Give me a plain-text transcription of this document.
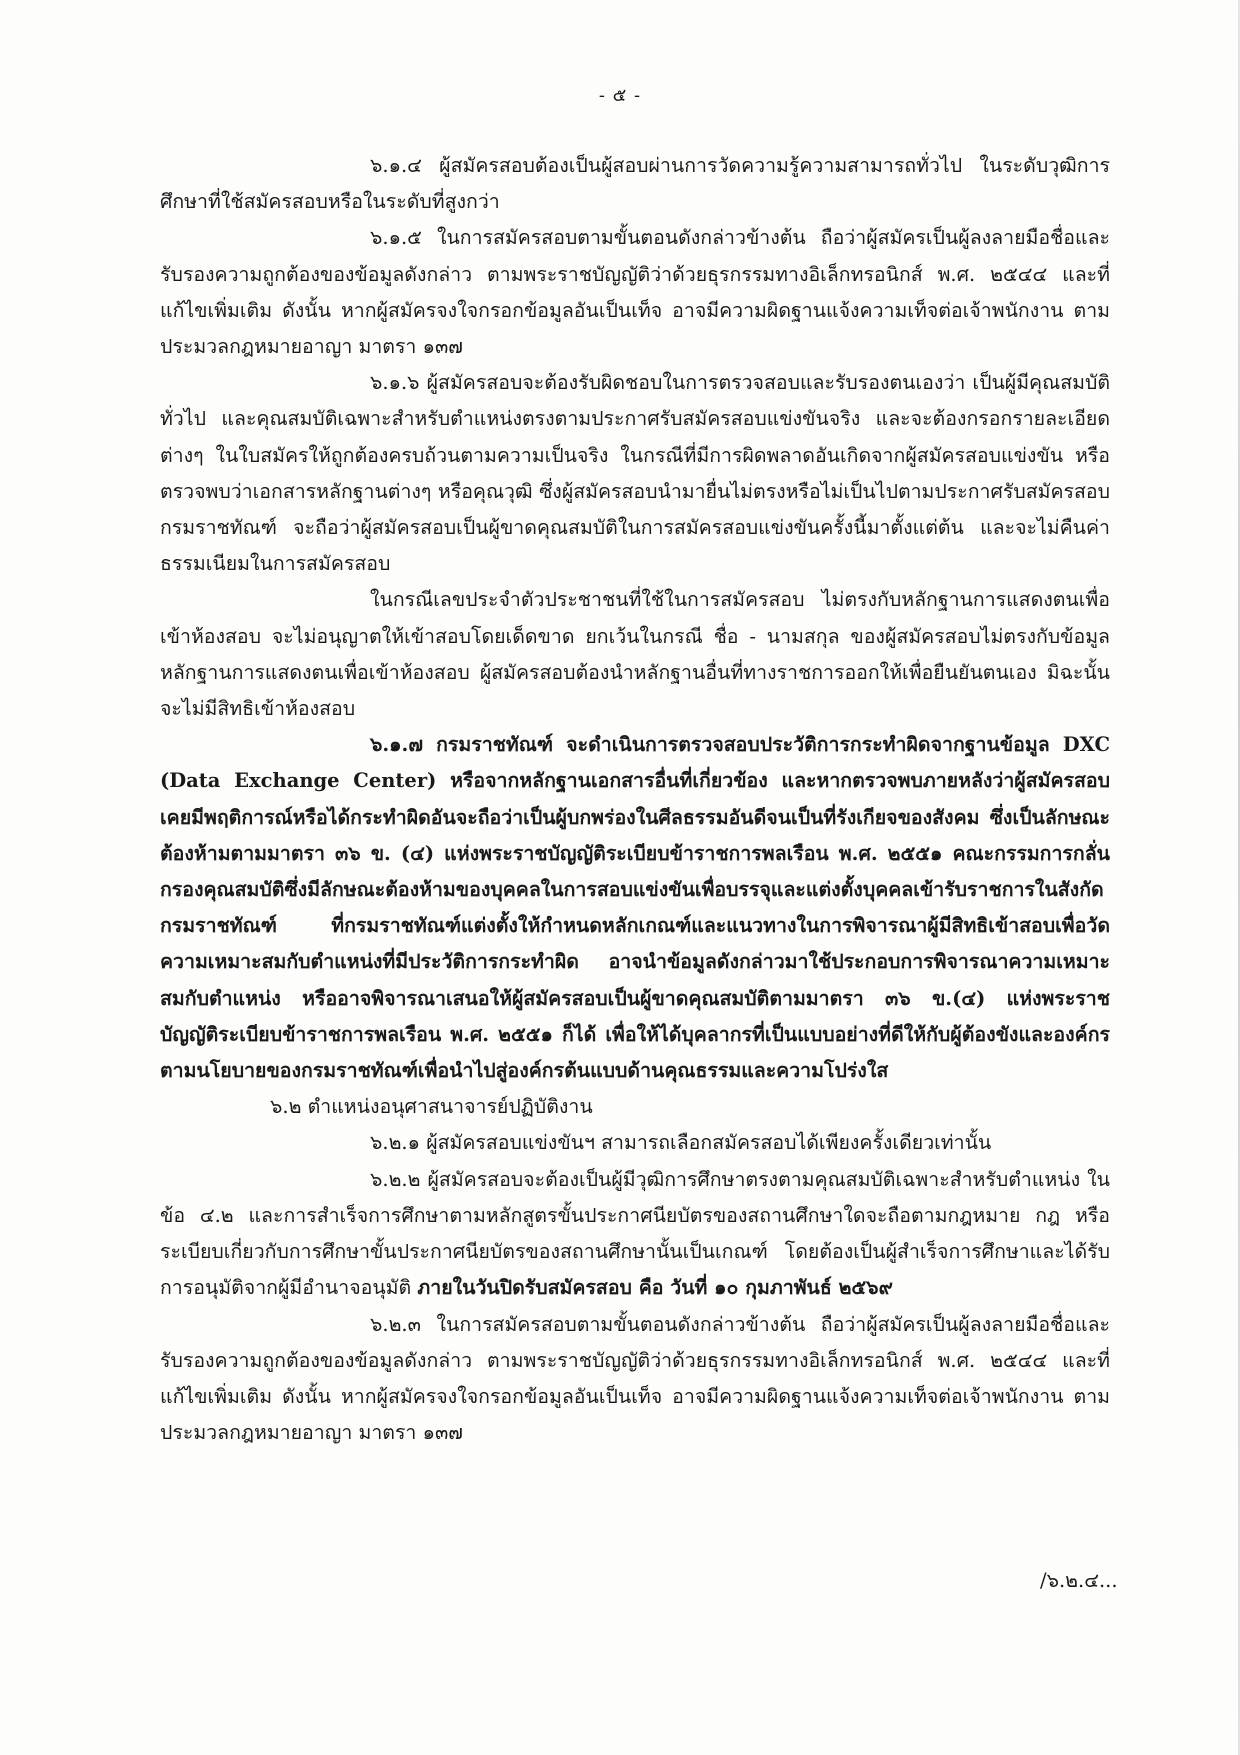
- ๕ -

๖.๑.๔ ผู้สมัครสอบต้องเป็นผู้สอบผ่านการวัดความรู้ความสามารถทั่วไป ในระดับวุฒิการศึกษาที่ใช้สมัครสอบหรือในระดับที่สูงกว่า

๖.๑.๕ ในการสมัครสอบตามขั้นตอนดังกล่าวข้างต้น ถือว่าผู้สมัครเป็นผู้ลงลายมือชื่อและรับรองความถูกต้องของข้อมูลดังกล่าว ตามพระราชบัญญัติว่าด้วยธุรกรรมทางอิเล็กทรอนิกส์ พ.ศ. ๒๕๔๔ และที่แก้ไขเพิ่มเติม ดังนั้น หากผู้สมัครจงใจกรอกข้อมูลอันเป็นเท็จ อาจมีความผิดฐานแจ้งความเท็จต่อเจ้าพนักงาน ตามประมวลกฎหมายอาญา มาตรา ๑๓๗

๖.๑.๖ ผู้สมัครสอบจะต้องรับผิดชอบในการตรวจสอบและรับรองตนเองว่า เป็นผู้มีคุณสมบัติทั่วไป และคุณสมบัติเฉพาะสำหรับตำแหน่งตรงตามประกาศรับสมัครสอบแข่งขันจริง และจะต้องกรอกรายละเอียดต่างๆ ในใบสมัครให้ถูกต้องครบถ้วนตามความเป็นจริง ในกรณีที่มีการผิดพลาดอันเกิดจากผู้สมัครสอบแข่งขัน หรือตรวจพบว่าเอกสารหลักฐานต่างๆ หรือคุณวุฒิ ซึ่งผู้สมัครสอบนำมายื่นไม่ตรงหรือไม่เป็นไปตามประกาศรับสมัครสอบ กรมราชทัณฑ์ จะถือว่าผู้สมัครสอบเป็นผู้ขาดคุณสมบัติในการสมัครสอบแข่งขันครั้งนี้มาตั้งแต่ต้น และจะไม่คืนค่าธรรมเนียมในการสมัครสอบ

ในกรณีเลขประจำตัวประชาชนที่ใช้ในการสมัครสอบ ไม่ตรงกับหลักฐานการแสดงตนเพื่อเข้าห้องสอบ จะไม่อนุญาตให้เข้าสอบโดยเด็ดขาด ยกเว้นในกรณี ชื่อ - นามสกุล ของผู้สมัครสอบไม่ตรงกับข้อมูลหลักฐานการแสดงตนเพื่อเข้าห้องสอบ ผู้สมัครสอบต้องนำหลักฐานอื่นที่ทางราชการออกให้เพื่อยืนยันตนเอง มิฉะนั้นจะไม่มีสิทธิเข้าห้องสอบ

๖.๑.๗ กรมราชทัณฑ์ จะดำเนินการตรวจสอบประวัติการกระทำผิดจากฐานข้อมูล DXC (Data Exchange Center) หรือจากหลักฐานเอกสารอื่นที่เกี่ยวข้อง และหากตรวจพบภายหลังว่าผู้สมัครสอบเคยมีพฤติการณ์หรือได้กระทำผิดอันจะถือว่าเป็นผู้บกพร่องในศีลธรรมอันดีจนเป็นที่รังเกียจของสังคม ซึ่งเป็นลักษณะต้องห้ามตามมาตรา ๓๖ ข. (๔) แห่งพระราชบัญญัติระเบียบข้าราชการพลเรือน พ.ศ. ๒๕๕๑ คณะกรรมการกลั่นกรองคุณสมบัติซึ่งมีลักษณะต้องห้ามของบุคคลในการสอบแข่งขันเพื่อบรรจุและแต่งตั้งบุคคลเข้ารับราชการในสังกัดกรมราชทัณฑ์ ที่กรมราชทัณฑ์แต่งตั้งให้กำหนดหลักเกณฑ์และแนวทางในการพิจารณาผู้มีสิทธิเข้าสอบเพื่อวัดความเหมาะสมกับตำแหน่งที่มีประวัติการกระทำผิด อาจนำข้อมูลดังกล่าวมาใช้ประกอบการพิจารณาความเหมาะสมกับตำแหน่ง หรืออาจพิจารณาเสนอให้ผู้สมัครสอบเป็นผู้ขาดคุณสมบัติตามมาตรา ๓๖ ข.(๔) แห่งพระราชบัญญัติระเบียบข้าราชการพลเรือน พ.ศ. ๒๕๕๑ ก็ได้ เพื่อให้ได้บุคลากรที่เป็นแบบอย่างที่ดีให้กับผู้ต้องขังและองค์กรตามนโยบายของกรมราชทัณฑ์เพื่อนำไปสู่องค์กรต้นแบบด้านคุณธรรมและความโปร่งใส

๖.๒ ตำแหน่งอนุศาสนาจารย์ปฏิบัติงาน

๖.๒.๑ ผู้สมัครสอบแข่งขันฯ สามารถเลือกสมัครสอบได้เพียงครั้งเดียวเท่านั้น

๖.๒.๒ ผู้สมัครสอบจะต้องเป็นผู้มีวุฒิการศึกษาตรงตามคุณสมบัติเฉพาะสำหรับตำแหน่ง ในข้อ ๔.๒ และการสำเร็จการศึกษาตามหลักสูตรขั้นประกาศนียบัตรของสถานศึกษาใดจะถือตามกฎหมาย กฎ หรือระเบียบเกี่ยวกับการศึกษาขั้นประกาศนียบัตรของสถานศึกษานั้นเป็นเกณฑ์ โดยต้องเป็นผู้สำเร็จการศึกษาและได้รับการอนุมัติจากผู้มีอำนาจอนุมัติ ภายในวันปิดรับสมัครสอบ คือ วันที่ ๑๐ กุมภาพันธ์ ๒๕๖๙

๖.๒.๓ ในการสมัครสอบตามขั้นตอนดังกล่าวข้างต้น ถือว่าผู้สมัครเป็นผู้ลงลายมือชื่อและรับรองความถูกต้องของข้อมูลดังกล่าว ตามพระราชบัญญัติว่าด้วยธุรกรรมทางอิเล็กทรอนิกส์ พ.ศ. ๒๕๔๔ และที่แก้ไขเพิ่มเติม ดังนั้น หากผู้สมัครจงใจกรอกข้อมูลอันเป็นเท็จ อาจมีความผิดฐานแจ้งความเท็จต่อเจ้าพนักงาน ตามประมวลกฎหมายอาญา มาตรา ๑๓๗

/๖.๒.๔...
